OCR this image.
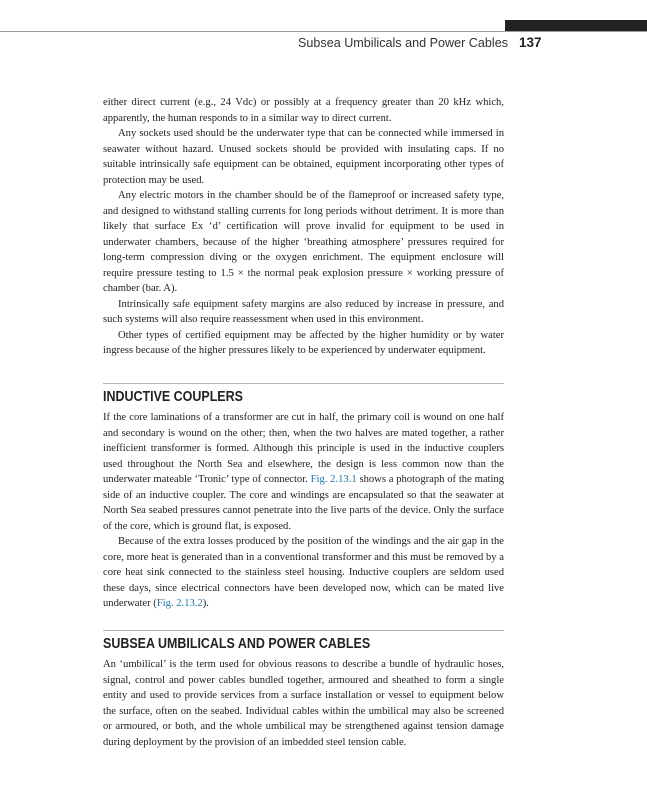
Subsea Umbilicals and Power Cables 137

either direct current (e.g., 24 Vdc) or possibly at a frequency greater than 20 kHz which, apparently, the human responds to in a similar way to direct current.

Any sockets used should be the underwater type that can be connected while immersed in seawater without hazard. Unused sockets should be provided with insulating caps. If no suitable intrinsically safe equipment can be obtained, equipment incorporating other types of protection may be used.

Any electric motors in the chamber should be of the flameproof or increased safety type, and designed to withstand stalling currents for long periods without detriment. It is more than likely that surface Ex ‘d’ certification will prove invalid for equipment to be used in underwater chambers, because of the higher ‘breathing atmosphere’ pressures required for long-term compression diving or the oxygen enrichment. The equipment enclosure will require pressure testing to 1.5 × the normal peak explosion pressure × working pressure of chamber (bar. A).

Intrinsically safe equipment safety margins are also reduced by increase in pressure, and such systems will also require reassessment when used in this environment.

Other types of certified equipment may be affected by the higher humidity or by water ingress because of the higher pressures likely to be experienced by underwater equipment.

INDUCTIVE COUPLERS

If the core laminations of a transformer are cut in half, the primary coil is wound on one half and secondary is wound on the other; then, when the two halves are mated together, a rather inefficient transformer is formed. Although this principle is used in the inductive couplers used throughout the North Sea and elsewhere, the design is less common now than the underwater mateable ‘Tronic’ type of connector. Fig. 2.13.1 shows a photograph of the mating side of an inductive coupler. The core and windings are encapsulated so that the seawater at North Sea seabed pressures cannot penetrate into the live parts of the device. Only the surface of the core, which is ground flat, is exposed.

Because of the extra losses produced by the position of the windings and the air gap in the core, more heat is generated than in a conventional transformer and this must be removed by a core heat sink connected to the stainless steel housing. Inductive couplers are seldom used these days, since electrical connectors have been developed now, which can be mated live underwater (Fig. 2.13.2).

SUBSEA UMBILICALS AND POWER CABLES

An ‘umbilical’ is the term used for obvious reasons to describe a bundle of hydraulic hoses, signal, control and power cables bundled together, armoured and sheathed to form a single entity and used to provide services from a surface installation or vessel to equipment below the surface, often on the seabed. Individual cables within the umbilical may also be screened or armoured, or both, and the whole umbilical may be strengthened against tension damage during deployment by the provision of an imbedded steel tension cable.
